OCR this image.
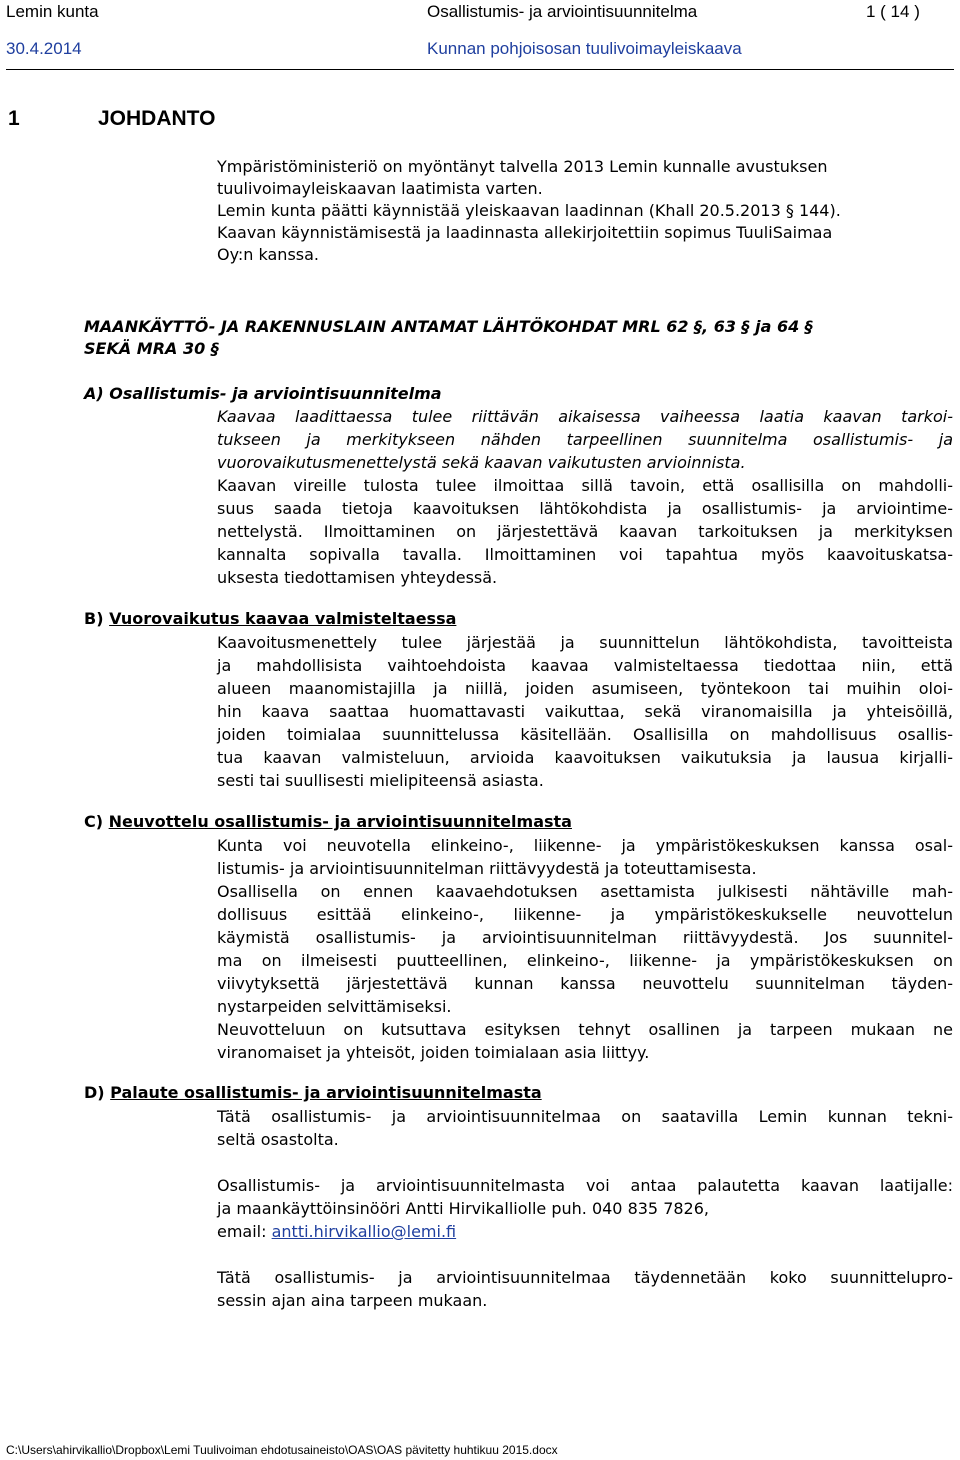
Lemin kunta	Osallistumis- ja arviointisuunnitelma	1 ( 14 )
30.4.2014	Kunnan pohjoisosan tuulivoimayleiskaava
1	JOHDANTO
Ympäristöministeriö on myöntänyt talvella 2013 Lemin kunnalle avustuksen
tuulivoimayleiskaavan laatimista varten.
Lemin kunta päätti käynnistää yleiskaavan laadinnan (Khall 20.5.2013 § 144).
Kaavan käynnistämisestä ja laadinnasta allekirjoitettiin sopimus TuuliSaimaa
Oy:n kanssa.
MAANKÄYTTÖ- JA RAKENNUSLAIN ANTAMAT LÄHTÖKOHDAT MRL 62 §, 63 § ja 64 §
SEKÄ MRA 30 §
A) Osallistumis- ja arviointisuunnitelma
Kaavaa laadittaessa tulee riittävän aikaisessa vaiheessa laatia kaavan tarkoi-
tukseen ja merkitykseen nähden tarpeellinen suunnitelma osallistumis- ja
vuorovaikutusmenettelystä sekä kaavan vaikutusten arvioinnista.
Kaavan vireille tulosta tulee ilmoittaa sillä tavoin, että osallisilla on mahdolli-
suus saada tietoja kaavoituksen lähtökohdista ja osallistumis- ja arviointime-
nettelystä. Ilmoittaminen on järjestettävä kaavan tarkoituksen ja merkityksen
kannalta sopivalla tavalla. Ilmoittaminen voi tapahtua myös kaavoituskatsa-
uksesta tiedottamisen yhteydessä.
B) Vuorovaikutus kaavaa valmisteltaessa
Kaavoitusmenettely tulee järjestää ja suunnittelun lähtökohdista, tavoitteista
ja mahdollisista vaihtoehdoista kaavaa valmisteltaessa tiedottaa niin, että
alueen maanomistajilla ja niillä, joiden asumiseen, työntekoon tai muihin oloi-
hin kaava saattaa huomattavasti vaikuttaa, sekä viranomaisilla ja yhteisöillä,
joiden toimialaa suunnittelussa käsitellään. Osallisilla on mahdollisuus osallis-
tua kaavan valmisteluun, arvioida kaavoituksen vaikutuksia ja lausua kirjalli-
sesti tai suullisesti mielipiteensä asiasta.
C) Neuvottelu osallistumis- ja arviointisuunnitelmasta
Kunta voi neuvotella elinkeino-, liikenne- ja ympäristökeskuksen kanssa osal-
listumis- ja arviointisuunnitelman riittävyydestä ja toteuttamisesta.
Osallisella on ennen kaavaehdotuksen asettamista julkisesti nähtäville mah-
dollisuus esittää elinkeino-, liikenne- ja ympäristökeskukselle neuvottelun
käymistä osallistumis- ja arviointisuunnitelman riittävyydestä. Jos suunnitel-
ma on ilmeisesti puutteellinen, elinkeino-, liikenne- ja ympäristökeskuksen on
viivytyksettä järjestettävä kunnan kanssa neuvottelu suunnitelman täyden-
nystarpeiden selvittämiseksi.
Neuvotteluun on kutsuttava esityksen tehnyt osallinen ja tarpeen mukaan ne
viranomaiset ja yhteisöt, joiden toimialaan asia liittyy.
D) Palaute osallistumis- ja arviointisuunnitelmasta
Tätä osallistumis- ja arviointisuunnitelmaa on saatavilla Lemin kunnan tekni-
seltä osastolta.
Osallistumis- ja arviointisuunnitelmasta voi antaa palautetta kaavan laatijalle:
ja maankäyttöinsinööri Antti Hirvikalliolle puh. 040 835 7826,
email: antti.hirvikallio@lemi.fi
Tätä osallistumis- ja arviointisuunnitelmaa täydennetään koko suunnittelupro-
sessin ajan aina tarpeen mukaan.
C:\Users\ahirvikallio\Dropbox\Lemi Tuulivoiman ehdotusaineisto\OAS\OAS pävitetty huhtikuu 2015.docx
